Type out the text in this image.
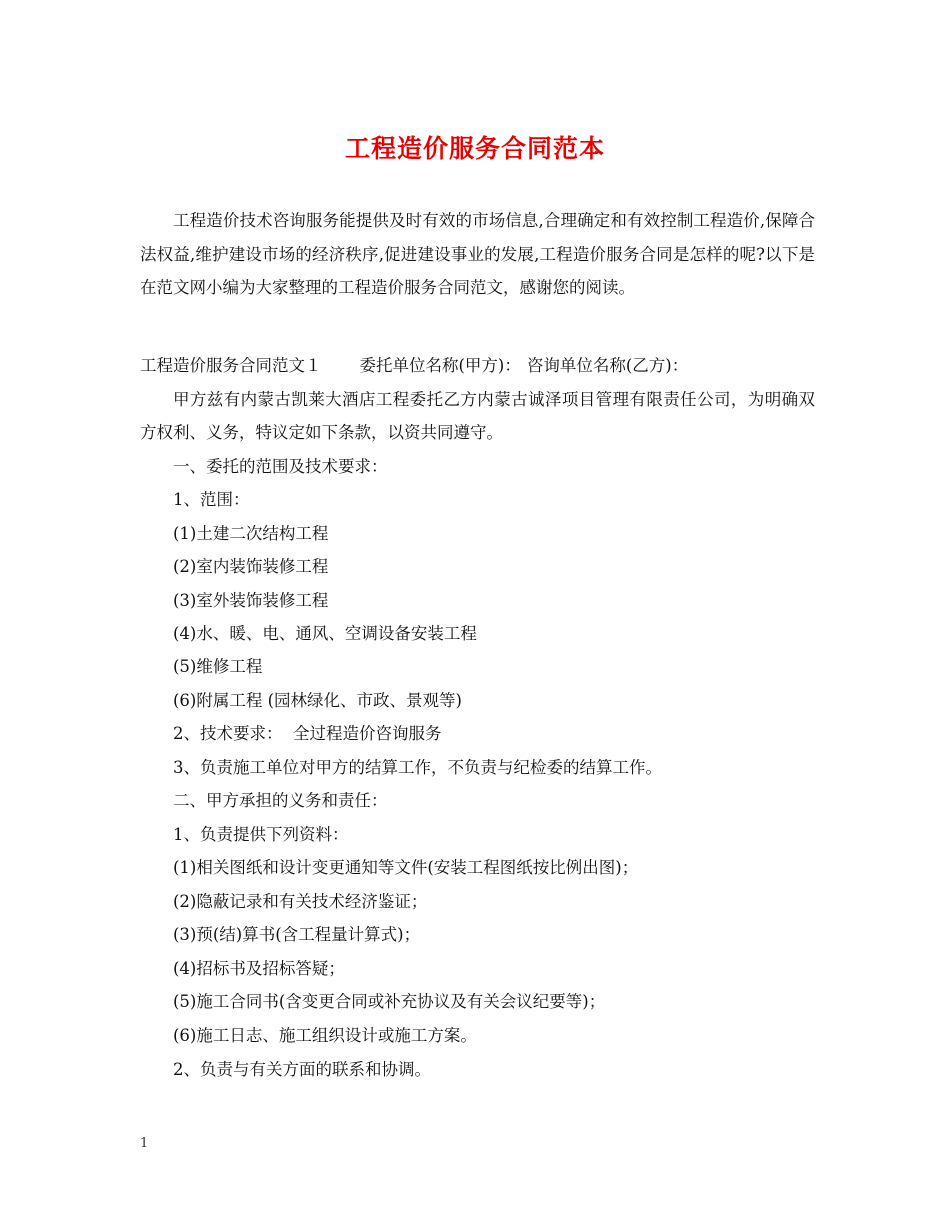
工程造价服务合同范本

工程造价技术咨询服务能提供及时有效的市场信息,合理确定和有效控制工程造价,保障合法权益,维护建设市场的经济秩序,促进建设事业的发展,工程造价服务合同是怎样的呢?以下是在范文网小编为大家整理的工程造价服务合同范文，感谢您的阅读。

工程造价服务合同范文１ 委托单位名称(甲方)： 咨询单位名称(乙方)：

甲方兹有内蒙古凯莱大酒店工程委托乙方内蒙古诚泽项目管理有限责任公司，为明确双方权利、义务，特议定如下条款，以资共同遵守。

一、委托的范围及技术要求：

1、范围：

(1)土建二次结构工程

(2)室内装饰装修工程

(3)室外装饰装修工程

(4)水、暖、电、通风、空调设备安装工程

(5)维修工程

(6)附属工程 (园林绿化、市政、景观等)

2、技术要求：  全过程造价咨询服务

3、负责施工单位对甲方的结算工作，不负责与纪检委的结算工作。

二、甲方承担的义务和责任：

1、负责提供下列资料：

(1)相关图纸和设计变更通知等文件(安装工程图纸按比例出图)；

(2)隐蔽记录和有关技术经济鉴证；

(3)预(结)算书(含工程量计算式)；

(4)招标书及招标答疑；

(5)施工合同书(含变更合同或补充协议及有关会议纪要等)；

(6)施工日志、施工组织设计或施工方案。

2、负责与有关方面的联系和协调。

1
